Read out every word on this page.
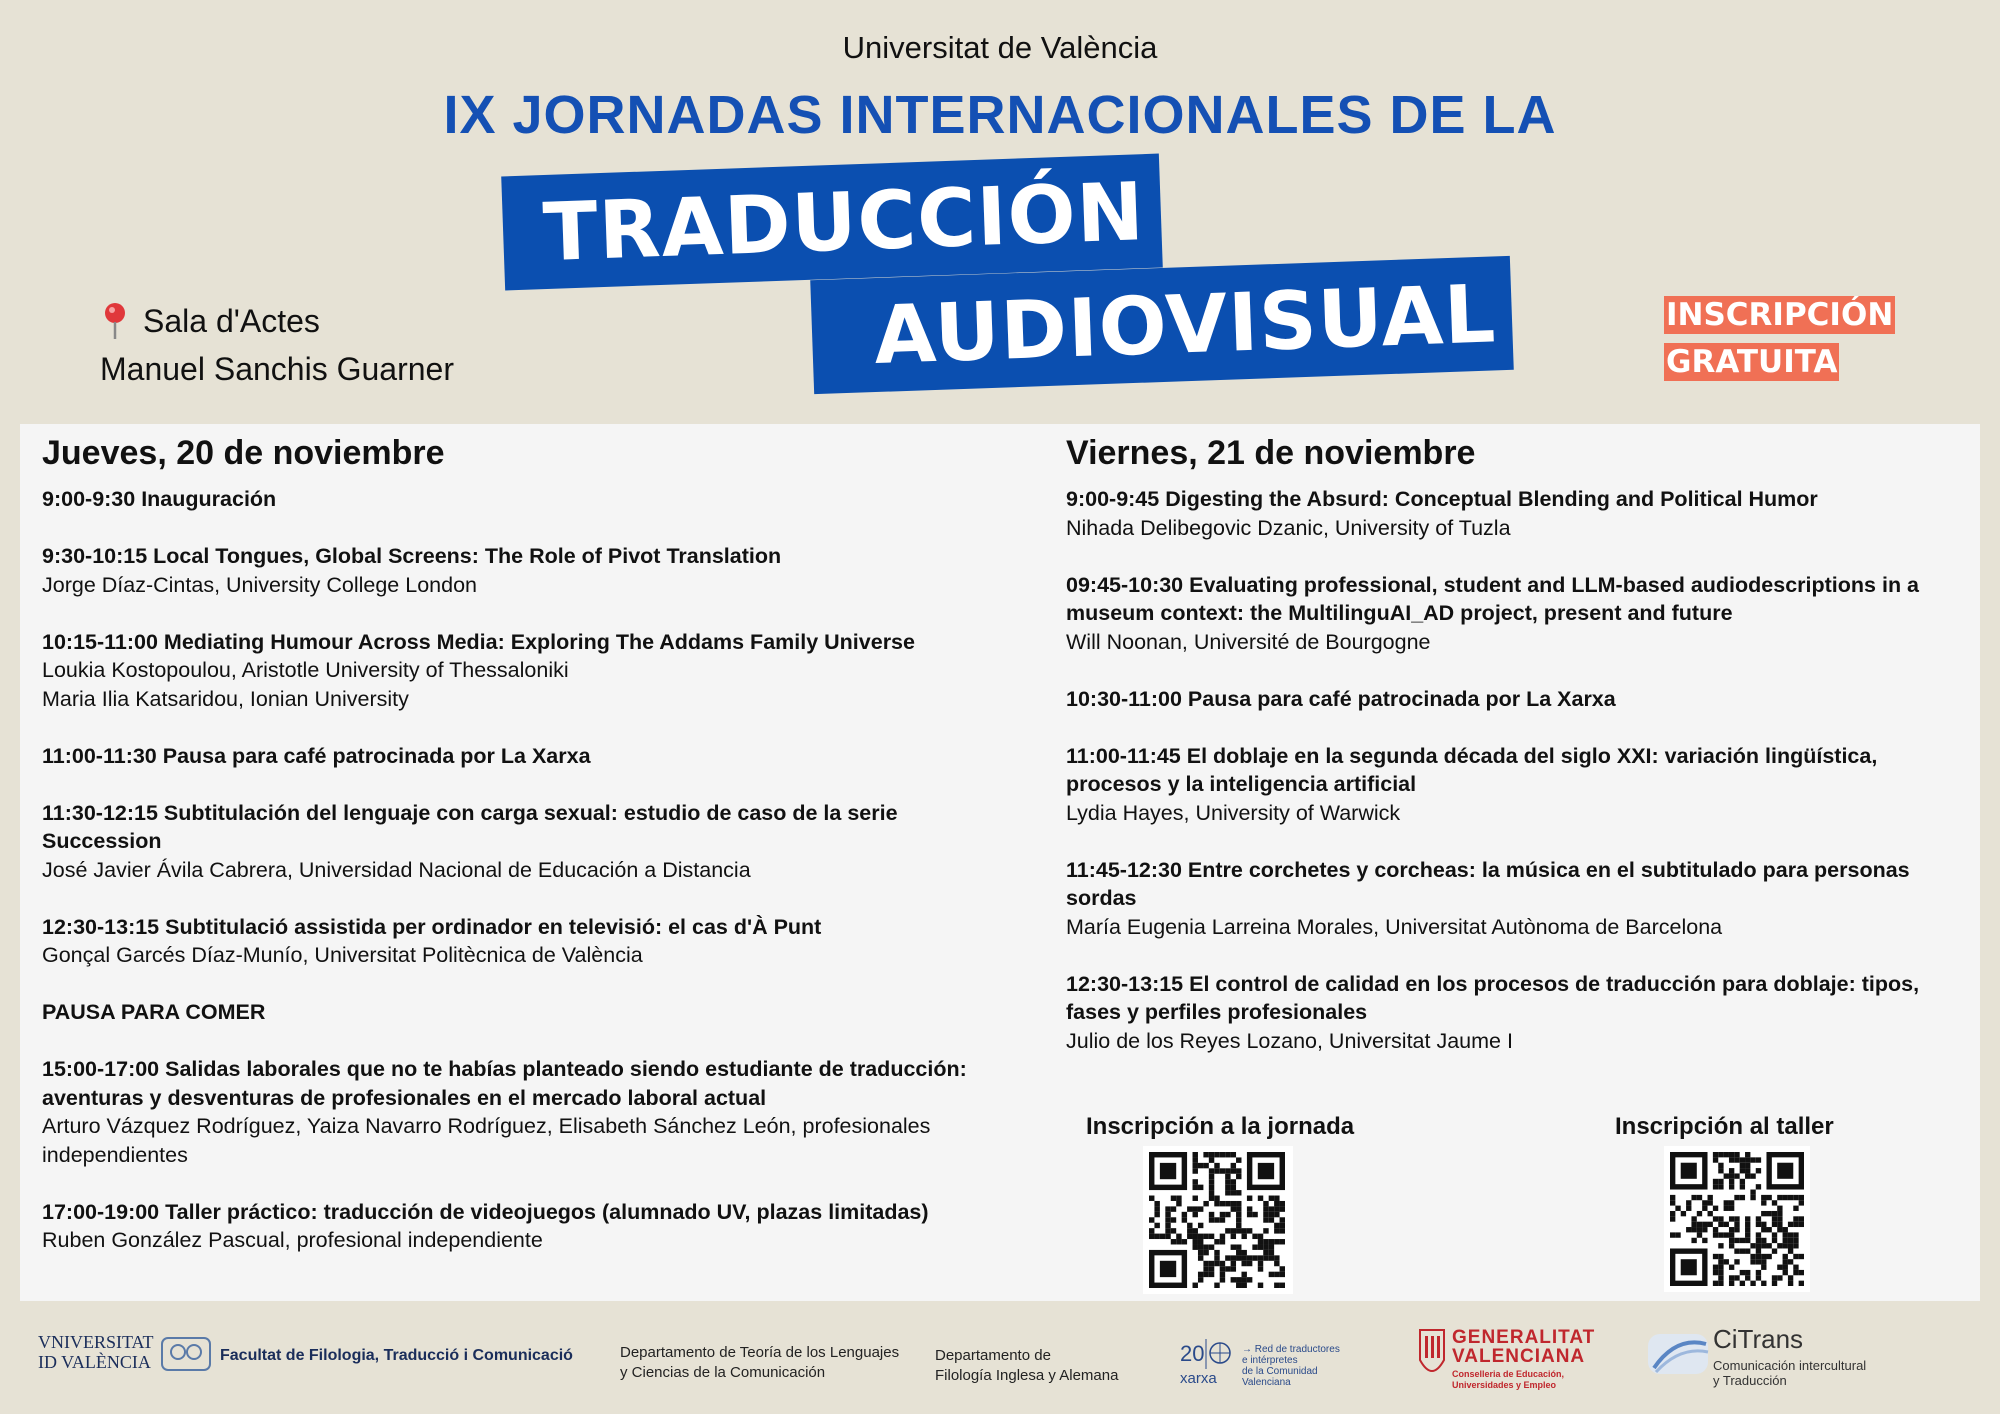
Universitat de València
IX JORNADAS INTERNACIONALES DE LA
TRADUCCIÓN
AUDIOVISUAL
Sala d'Actes
Manuel Sanchis Guarner
INSCRIPCIÓN
GRATUITA
Jueves, 20 de noviembre	Viernes, 21 de noviembre
9:00-9:30 Inauguración
9:30-10:15 Local Tongues, Global Screens: The Role of Pivot Translation
Jorge Díaz-Cintas, University College London
10:15-11:00 Mediating Humour Across Media: Exploring The Addams Family Universe
Loukia Kostopoulou, Aristotle University of Thessaloniki
Maria Ilia Katsaridou, Ionian University
11:00-11:30 Pausa para café patrocinada por La Xarxa
11:30-12:15 Subtitulación del lenguaje con carga sexual: estudio de caso de la serie Succession
José Javier Ávila Cabrera, Universidad Nacional de Educación a Distancia
12:30-13:15 Subtitulació assistida per ordinador en televisió: el cas d'À Punt
Gonçal Garcés Díaz-Munío, Universitat Politècnica de València
PAUSA PARA COMER
15:00-17:00 Salidas laborales que no te habías planteado siendo estudiante de traducción: aventuras y desventuras de profesionales en el mercado laboral actual
Arturo Vázquez Rodríguez, Yaiza Navarro Rodríguez, Elisabeth Sánchez León, profesionales independientes
17:00-19:00 Taller práctico: traducción de videojuegos (alumnado UV, plazas limitadas)
Ruben González Pascual, profesional independiente
9:00-9:45 Digesting the Absurd: Conceptual Blending and Political Humor
Nihada Delibegovic Dzanic, University of Tuzla
09:45-10:30 Evaluating professional, student and LLM-based audiodescriptions in a museum context: the MultilinguAI_AD project, present and future
Will Noonan, Université de Bourgogne
10:30-11:00 Pausa para café patrocinada por La Xarxa
11:00-11:45 El doblaje en la segunda década del siglo XXI: variación lingüística, procesos y la inteligencia artificial
Lydia Hayes, University of Warwick
11:45-12:30 Entre corchetes y corcheas: la música en el subtitulado para personas sordas
María Eugenia Larreina Morales, Universitat Autònoma de Barcelona
12:30-13:15 El control de calidad en los procesos de traducción para doblaje: tipos, fases y perfiles profesionales
Julio de los Reyes Lozano, Universitat Jaume I
Inscripción a la jornada	Inscripción al taller
VNIVERSITAT
ID VALÈNCIA	Facultat de Filologia, Traducció i Comunicació	Departamento de Teoría de los Lenguajes
y Ciencias de la Comunicación
Departamento de
Filología Inglesa y Alemana
20
xarxa
→ Red de traductores
e intérpretes
de la Comunidad
Valenciana
GENERALITAT
VALENCIANA
Conselleria de Educación,
Universidades y Empleo
CiTrans
Comunicación intercultural
y Traducción
